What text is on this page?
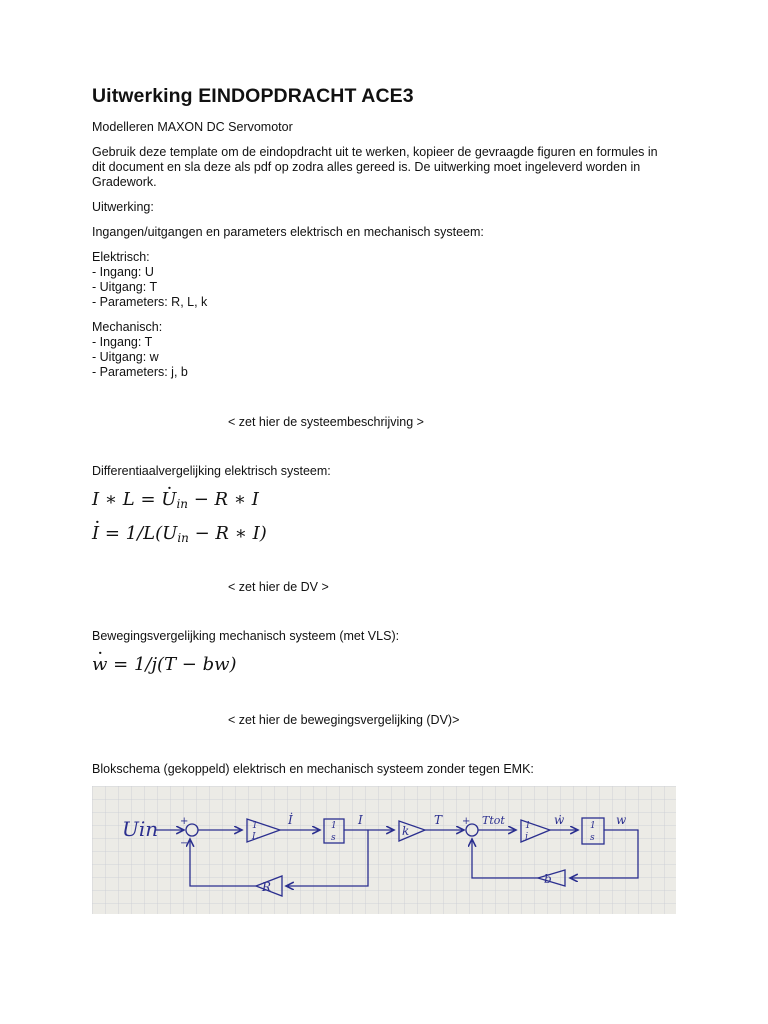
Uitwerking EINDOPDRACHT ACE3
Modelleren MAXON DC Servomotor
Gebruik deze template om de eindopdracht uit te werken, kopieer de gevraagde figuren en formules in
dit document en sla deze als pdf op zodra alles gereed is. De uitwerking moet ingeleverd worden in
Gradework.
Uitwerking:
Ingangen/uitgangen en parameters elektrisch en mechanisch systeem:
Elektrisch:
- Ingang: U
- Uitgang: T
- Parameters: R, L, k
Mechanisch:
- Ingang: T
- Uitgang: w
- Parameters: j, b
< zet hier de systeembeschrijving >
Differentiaalvergelijking elektrisch systeem:
I ∗ $L = U \cdot_{in} - R$ ∗ I
I · = $1/L(U_{in} - R$ ∗ I)
< zet hier de DV >
Bewegingsvergelijking mechanisch systeem (met VLS):
w · = 1/j(T − bw)
< zet hier de bewegingsvergelijking (DV)>
Blokschema (gekoppeld) elektrisch en mechanisch systeem zonder tegen EMK:
Uin +
−
1
L
İ	1
s
I
k
T + Ttot 1
j
ẇ	1
s
w
R
b
